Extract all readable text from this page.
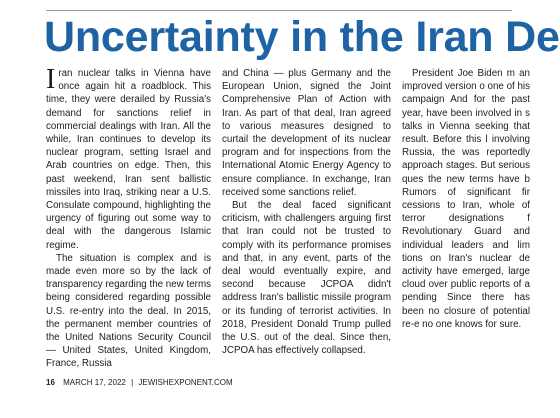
Uncertainty in the Iran De

Iran nuclear talks in Vienna have once again hit a roadblock. This time, they were derailed by Russia's demand for sanctions relief in commercial dealings with Iran. All the while, Iran continues to develop its nuclear program, setting Israel and Arab countries on edge. Then, this past weekend, Iran sent ballistic missiles into Iraq, striking near a U.S. Consulate compound, highlighting the urgency of figuring out some way to deal with the dangerous Islamic regime.

The situation is complex and is made even more so by the lack of transparency regarding the new terms being considered regarding possible U.S. re-entry into the deal. In 2015, the permanent member countries of the United Nations Security Council — United States, United Kingdom, France, Russia

and China — plus Germany and the European Union, signed the Joint Comprehensive Plan of Action with Iran. As part of that deal, Iran agreed to various measures designed to curtail the development of its nuclear program and for inspections from the International Atomic Energy Agency to ensure compliance. In exchange, Iran received some sanctions relief.

But the deal faced significant criticism, with challengers arguing first that Iran could not be trusted to comply with its performance promises and that, in any event, parts of the deal would eventually expire, and second because JCPOA didn't address Iran's ballistic missile program or its funding of terrorist activities. In 2018, President Donald Trump pulled the U.S. out of the deal. Since then, JCPOA has effectively collapsed.

President Joe Biden m an improved version o one of his campaign And for the past year, have been involved in s talks in Vienna seeking that result. Before this l involving Russia, the was reportedly approach stages. But serious ques the new terms have b Rumors of significant fir cessions to Iran, whole of terror designations f Revolutionary Guard and individual leaders and lim tions on Iran's nuclear de activity have emerged, large cloud over public reports of a pending Since there has been no closure of potential re-e no one knows for sure.

16 MARCH 17, 2022 | JEWISHEXPONENT.COM
